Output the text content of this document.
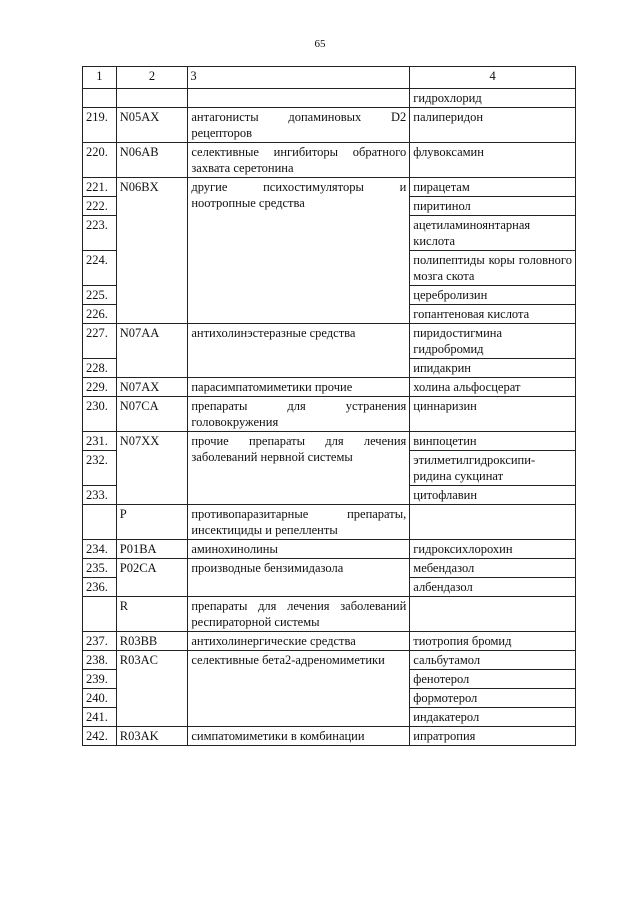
65
1	2	3	4
			гидрохлорид
219.	N05AX	антагонисты допаминовых D2 рецепторов	палиперидон
220.	N06AB	селективные ингибиторы обратного захвата серетонина	флувоксамин
221.	N06BX	другие психостимуляторы и ноотропные средства	пирацетам
222.			пиритинол
223.			ацетиламиноянтарная кислота
224.			полипептиды коры головного мозга скота
225.			церебролизин
226.			гопантеновая кислота
227.	N07AA	антихолинэстеразные средства	пиридостигмина гидробромид
228.			ипидакрин
229.	N07AX	парасимпатомиметики прочие	холина альфосцерат
230.	N07CA	препараты для устранения головокружения	циннаризин
231.	N07XX	прочие препараты для лечения заболеваний нервной системы	винпоцетин
232.			этилметилгидроксипи-ридина сукцинат
233.			цитофлавин
	P	противопаразитарные препараты, инсектициды и репелленты	
234.	P01BA	аминохинолины	гидроксихлорохин
235.	P02CA	производные бензимидазола	мебендазол
236.			албендазол
	R	препараты для лечения заболеваний респираторной системы	
237.	R03BB	антихолинергические средства	тиотропия бромид
238.	R03AC	селективные бета2-адреномиметики	сальбутамол
239.			фенотерол
240.			формотерол
241.			индакатерол
242.	R03AK	симпатомиметики в комбинации	ипратропия
